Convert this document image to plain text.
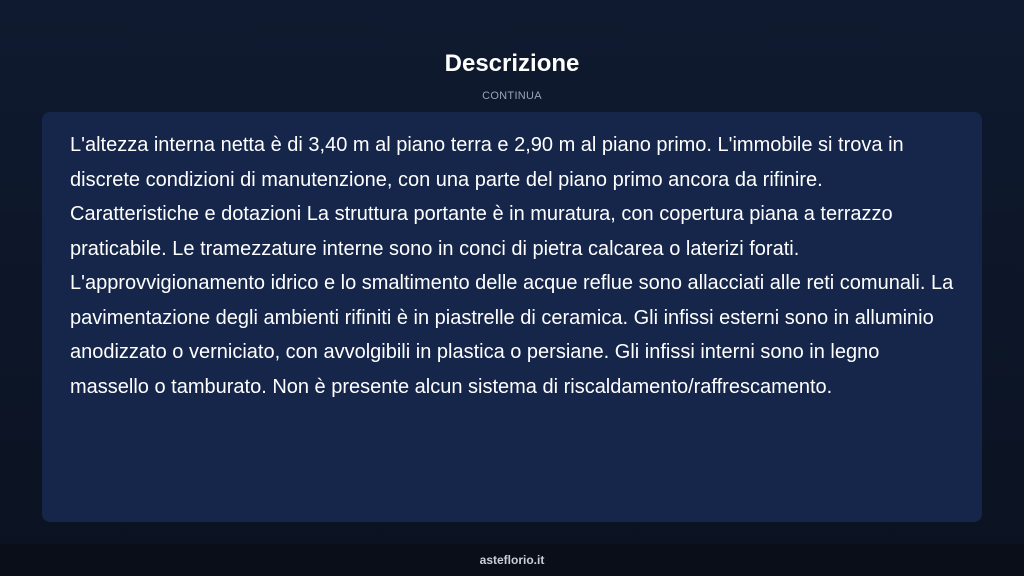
Descrizione
CONTINUA

L'altezza interna netta è di 3,40 m al piano terra e 2,90 m al piano primo. L'immobile si trova in discrete condizioni di manutenzione, con una parte del piano primo ancora da rifinire. Caratteristiche e dotazioni La struttura portante è in muratura, con copertura piana a terrazzo praticabile. Le tramezzature interne sono in conci di pietra calcarea o laterizi forati. L'approvvigionamento idrico e lo smaltimento delle acque reflue sono allacciati alle reti comunali. La pavimentazione degli ambienti rifiniti è in piastrelle di ceramica. Gli infissi esterni sono in alluminio anodizzato o verniciato, con avvolgibili in plastica o persiane. Gli infissi interni sono in legno massello o tamburato. Non è presente alcun sistema di riscaldamento/raffrescamento.

asteflorio.it
